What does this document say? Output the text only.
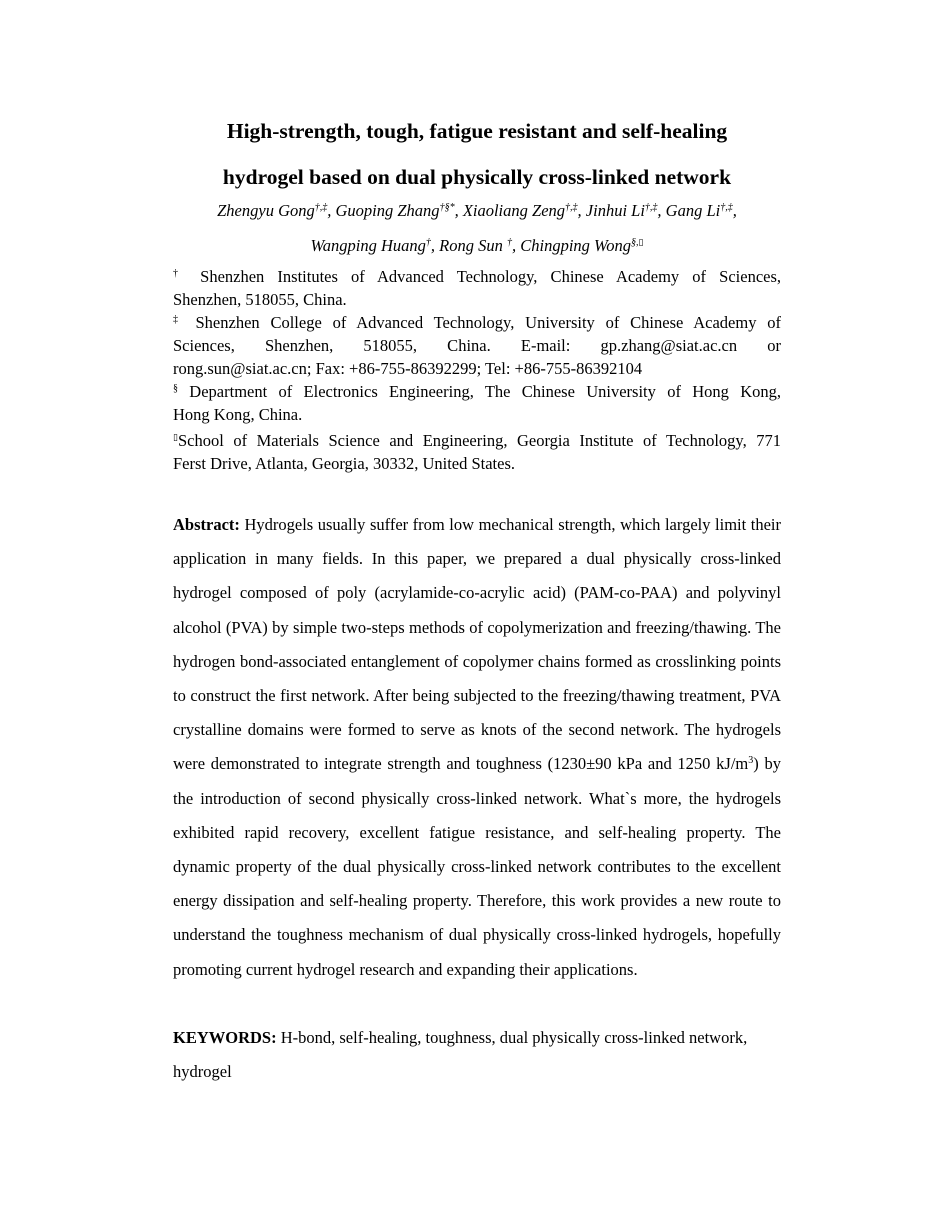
High-strength, tough, fatigue resistant and self-healing
hydrogel based on dual physically cross-linked network
Zhengyu Gong†,‡, Guoping Zhang†§*, Xiaoliang Zeng†,‡, Jinhui Li†,‡, Gang Li†,‡,
Wangping Huang†, Rong Sun †, Chingping Wong§,▯

† Shenzhen Institutes of Advanced Technology, Chinese Academy of Sciences,
Shenzhen, 518055, China.

‡ Shenzhen College of Advanced Technology, University of Chinese Academy of
Sciences, Shenzhen, 518055, China. E-mail: gp.zhang@siat.ac.cn or
rong.sun@siat.ac.cn; Fax: +86-755-86392299; Tel: +86-755-86392104

§ Department of Electronics Engineering, The Chinese University of Hong Kong,
Hong Kong, China.

▯School of Materials Science and Engineering, Georgia Institute of Technology, 771
Ferst Drive, Atlanta, Georgia, 30332, United States.

Abstract: Hydrogels usually suffer from low mechanical strength, which largely limit their application in many fields. In this paper, we prepared a dual physically cross-linked hydrogel composed of poly (acrylamide-co-acrylic acid) (PAM-co-PAA) and polyvinyl alcohol (PVA) by simple two-steps methods of copolymerization and freezing/thawing. The hydrogen bond-associated entanglement of copolymer chains formed as crosslinking points to construct the first network. After being subjected to the freezing/thawing treatment, PVA crystalline domains were formed to serve as knots of the second network. The hydrogels were demonstrated to integrate strength and toughness (1230±90 kPa and 1250 $kJ/m^3$) by the introduction of second physically cross-linked network. What`s more, the hydrogels exhibited rapid recovery, excellent fatigue resistance, and self-healing property. The dynamic property of the dual physically cross-linked network contributes to the excellent energy dissipation and self-healing property. Therefore, this work provides a new route to understand the toughness mechanism of dual physically cross-linked hydrogels, hopefully promoting current hydrogel research and expanding their applications.

KEYWORDS: H-bond, self-healing, toughness, dual physically cross-linked network, hydrogel
